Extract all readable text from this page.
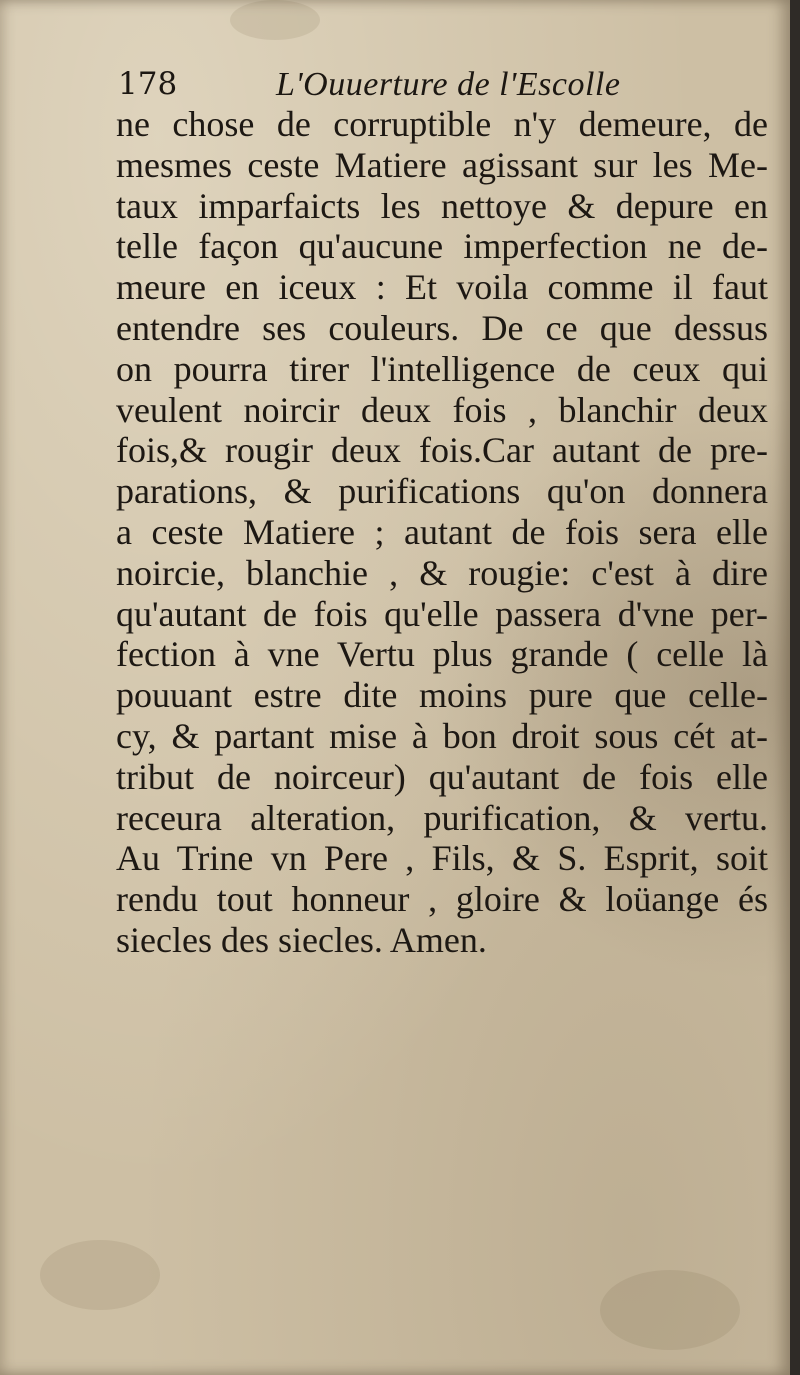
178	L'Ouuerture de l'Escolle
ne chose de corruptible n'y demeure, de
mesmes ceste Matiere agissant sur les Me-
taux imparfaicts les nettoye & depure en
telle façon qu'aucune imperfection ne de-
meure en iceux : Et voila comme il faut
entendre ses couleurs. De ce que dessus
on pourra tirer l'intelligence de ceux qui
veulent noircir deux fois , blanchir deux
fois,& rougir deux fois.Car autant de pre-
parations, & purifications qu'on donnera
a ceste Matiere ; autant de fois sera elle
noircie, blanchie , & rougie: c'est à dire
qu'autant de fois qu'elle passera d'vne per-
fection à vne Vertu plus grande ( celle là
pouuant estre dite moins pure que celle-
cy, & partant mise à bon droit sous cét at-
tribut de noirceur) qu'autant de fois elle
receura alteration, purification, & vertu.
Au Trine vn Pere , Fils, & S. Esprit, soit
rendu tout honneur , gloire & loüange és
siecles des siecles. Amen.
